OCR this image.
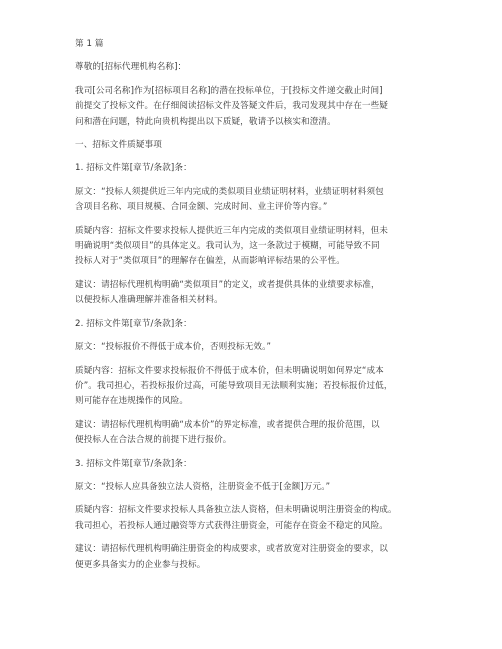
第 1 篇

尊敬的[招标代理机构名称]：

我司[公司名称]作为[招标项目名称]的潜在投标单位，于[投标文件递交截止时间]

前提交了投标文件。在仔细阅读招标文件及答疑文件后，我司发现其中存在一些疑

问和潜在问题，特此向贵机构提出以下质疑，敬请予以核实和澄清。

一、招标文件质疑事项

1. 招标文件第[章节/条款]条：

原文：“投标人须提供近三年内完成的类似项目业绩证明材料，业绩证明材料须包

含项目名称、项目规模、合同金额、完成时间、业主评价等内容。”

质疑内容：招标文件要求投标人提供近三年内完成的类似项目业绩证明材料，但未

明确说明“类似项目”的具体定义。我司认为，这一条款过于模糊，可能导致不同

投标人对于“类似项目”的理解存在偏差，从而影响评标结果的公平性。

建议：请招标代理机构明确“类似项目”的定义，或者提供具体的业绩要求标准，

以便投标人准确理解并准备相关材料。

2. 招标文件第[章节/条款]条：

原文：“投标报价不得低于成本价，否则投标无效。”

质疑内容：招标文件要求投标报价不得低于成本价，但未明确说明如何界定“成本

价”。我司担心，若投标报价过高，可能导致项目无法顺利实施；若投标报价过低，

则可能存在违规操作的风险。

建议：请招标代理机构明确“成本价”的界定标准，或者提供合理的报价范围，以

便投标人在合法合规的前提下进行报价。

3. 招标文件第[章节/条款]条：

原文：“投标人应具备独立法人资格，注册资金不低于[金额]万元。”

质疑内容：招标文件要求投标人具备独立法人资格，但未明确说明注册资金的构成。

我司担心，若投标人通过融资等方式获得注册资金，可能存在资金不稳定的风险。

建议：请招标代理机构明确注册资金的构成要求，或者放宽对注册资金的要求，以

便更多具备实力的企业参与投标。
